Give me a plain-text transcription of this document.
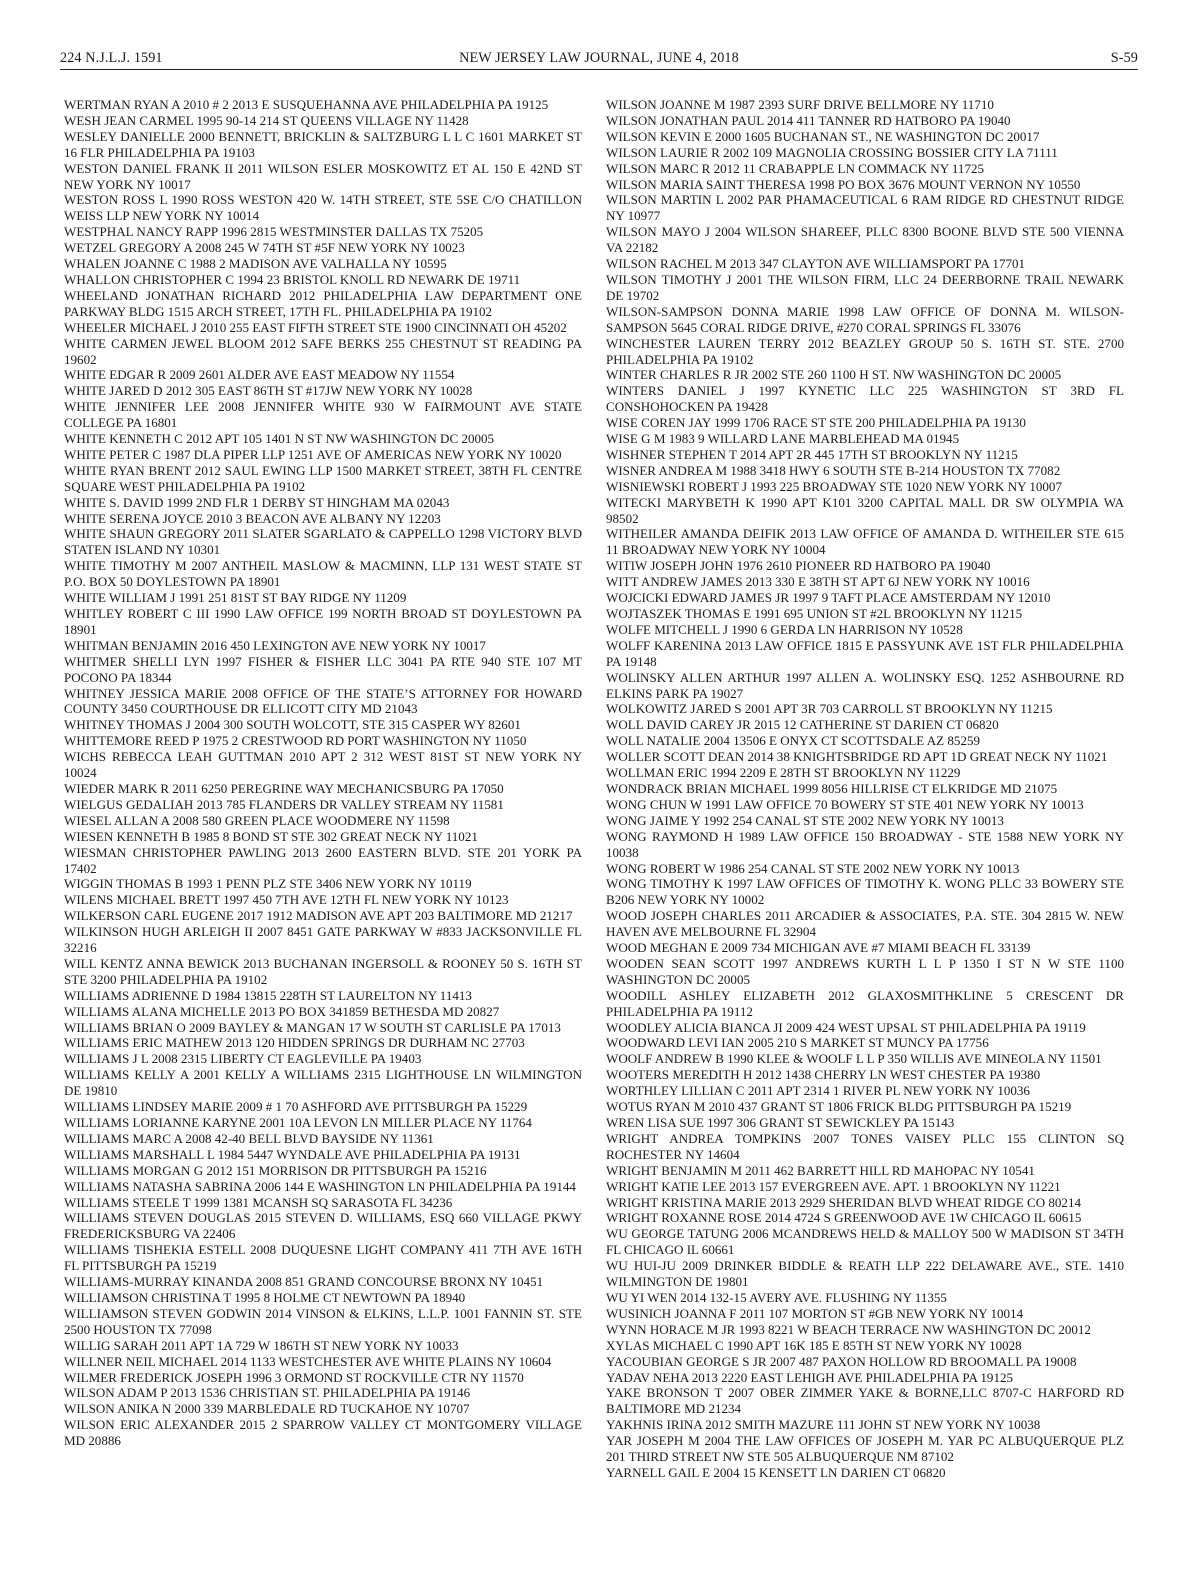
224 N.J.L.J. 1591	NEW JERSEY LAW JOURNAL, JUNE 4, 2018	S-59

WERTMAN RYAN A 2010 # 2 2013 E SUSQUEHANNA AVE PHILADELPHIA PA 19125

WESH JEAN CARMEL 1995 90-14 214 ST QUEENS VILLAGE NY 11428

WESLEY DANIELLE 2000 BENNETT, BRICKLIN & SALTZBURG L L C 1601 MARKET ST 16 FLR PHILADELPHIA PA 19103

WESTON DANIEL FRANK II 2011 WILSON ESLER MOSKOWITZ ET AL 150 E 42ND ST NEW YORK NY 10017

WESTON ROSS L 1990 ROSS WESTON 420 W. 14TH STREET, STE 5SE C/O CHATILLON WEISS LLP NEW YORK NY 10014

WESTPHAL NANCY RAPP 1996 2815 WESTMINSTER DALLAS TX 75205

WETZEL GREGORY A 2008 245 W 74TH ST #5F NEW YORK NY 10023

WHALEN JOANNE C 1988 2 MADISON AVE VALHALLA NY 10595

WHALLON CHRISTOPHER C 1994 23 BRISTOL KNOLL RD NEWARK DE 19711

WHEELAND JONATHAN RICHARD 2012 PHILADELPHIA LAW DEPARTMENT ONE PARKWAY BLDG 1515 ARCH STREET, 17TH FL. PHILADELPHIA PA 19102

WHEELER MICHAEL J 2010 255 EAST FIFTH STREET STE 1900 CINCINNATI OH 45202

WHITE CARMEN JEWEL BLOOM 2012 SAFE BERKS 255 CHESTNUT ST READING PA 19602

WHITE EDGAR R 2009 2601 ALDER AVE EAST MEADOW NY 11554

WHITE JARED D 2012 305 EAST 86TH ST #17JW NEW YORK NY 10028

WHITE JENNIFER LEE 2008 JENNIFER WHITE 930 W FAIRMOUNT AVE STATE COLLEGE PA 16801

WHITE KENNETH C 2012 APT 105 1401 N ST NW WASHINGTON DC 20005

WHITE PETER C 1987 DLA PIPER LLP 1251 AVE OF AMERICAS NEW YORK NY 10020

WHITE RYAN BRENT 2012 SAUL EWING LLP 1500 MARKET STREET, 38TH FL CENTRE SQUARE WEST PHILADELPHIA PA 19102

WHITE S. DAVID 1999 2ND FLR 1 DERBY ST HINGHAM MA 02043

WHITE SERENA JOYCE 2010 3 BEACON AVE ALBANY NY 12203

WHITE SHAUN GREGORY 2011 SLATER SGARLATO & CAPPELLO 1298 VICTORY BLVD STATEN ISLAND NY 10301

WHITE TIMOTHY M 2007 ANTHEIL MASLOW & MACMINN, LLP 131 WEST STATE ST P.O. BOX 50 DOYLESTOWN PA 18901

WHITE WILLIAM J 1991 251 81ST ST BAY RIDGE NY 11209

WHITLEY ROBERT C III 1990 LAW OFFICE 199 NORTH BROAD ST DOYLESTOWN PA 18901

WHITMAN BENJAMIN 2016 450 LEXINGTON AVE NEW YORK NY 10017

WHITMER SHELLI LYN 1997 FISHER & FISHER LLC 3041 PA RTE 940 STE 107 MT POCONO PA 18344

WHITNEY JESSICA MARIE 2008 OFFICE OF THE STATE’S ATTORNEY FOR HOWARD COUNTY 3450 COURTHOUSE DR ELLICOTT CITY MD 21043

WHITNEY THOMAS J 2004 300 SOUTH WOLCOTT, STE 315 CASPER WY 82601

WHITTEMORE REED P 1975 2 CRESTWOOD RD PORT WASHINGTON NY 11050

WICHS REBECCA LEAH GUTTMAN 2010 APT 2 312 WEST 81ST ST NEW YORK NY 10024

WIEDER MARK R 2011 6250 PEREGRINE WAY MECHANICSBURG PA 17050

WIELGUS GEDALIAH 2013 785 FLANDERS DR VALLEY STREAM NY 11581

WIESEL ALLAN A 2008 580 GREEN PLACE WOODMERE NY 11598

WIESEN KENNETH B 1985 8 BOND ST STE 302 GREAT NECK NY 11021

WIESMAN CHRISTOPHER PAWLING 2013 2600 EASTERN BLVD. STE 201 YORK PA 17402

WIGGIN THOMAS B 1993 1 PENN PLZ STE 3406 NEW YORK NY 10119

WILENS MICHAEL BRETT 1997 450 7TH AVE 12TH FL NEW YORK NY 10123

WILKERSON CARL EUGENE 2017 1912 MADISON AVE APT 203 BALTIMORE MD 21217

WILKINSON HUGH ARLEIGH II 2007 8451 GATE PARKWAY W #833 JACKSONVILLE FL 32216

WILL KENTZ ANNA BEWICK 2013 BUCHANAN INGERSOLL & ROONEY 50 S. 16TH ST STE 3200 PHILADELPHIA PA 19102

WILLIAMS ADRIENNE D 1984 13815 228TH ST LAURELTON NY 11413

WILLIAMS ALANA MICHELLE 2013 PO BOX 341859 BETHESDA MD 20827

WILLIAMS BRIAN O 2009 BAYLEY & MANGAN 17 W SOUTH ST CARLISLE PA 17013

WILLIAMS ERIC MATHEW 2013 120 HIDDEN SPRINGS DR DURHAM NC 27703

WILLIAMS J L 2008 2315 LIBERTY CT EAGLEVILLE PA 19403

WILLIAMS KELLY A 2001 KELLY A WILLIAMS 2315 LIGHTHOUSE LN WILMINGTON DE 19810

WILLIAMS LINDSEY MARIE 2009 # 1 70 ASHFORD AVE PITTSBURGH PA 15229

WILLIAMS LORIANNE KARYNE 2001 10A LEVON LN MILLER PLACE NY 11764

WILLIAMS MARC A 2008 42-40 BELL BLVD BAYSIDE NY 11361

WILLIAMS MARSHALL L 1984 5447 WYNDALE AVE PHILADELPHIA PA 19131

WILLIAMS MORGAN G 2012 151 MORRISON DR PITTSBURGH PA 15216

WILLIAMS NATASHA SABRINA 2006 144 E WASHINGTON LN PHILADELPHIA PA 19144

WILLIAMS STEELE T 1999 1381 MCANSH SQ SARASOTA FL 34236

WILLIAMS STEVEN DOUGLAS 2015 STEVEN D. WILLIAMS, ESQ 660 VILLAGE PKWY FREDERICKSBURG VA 22406

WILLIAMS TISHEKIA ESTELL 2008 DUQUESNE LIGHT COMPANY 411 7TH AVE 16TH FL PITTSBURGH PA 15219

WILLIAMS-MURRAY KINANDA 2008 851 GRAND CONCOURSE BRONX NY 10451

WILLIAMSON CHRISTINA T 1995 8 HOLME CT NEWTOWN PA 18940

WILLIAMSON STEVEN GODWIN 2014 VINSON & ELKINS, L.L.P. 1001 FANNIN ST. STE 2500 HOUSTON TX 77098

WILLIG SARAH 2011 APT 1A 729 W 186TH ST NEW YORK NY 10033

WILLNER NEIL MICHAEL 2014 1133 WESTCHESTER AVE WHITE PLAINS NY 10604

WILMER FREDERICK JOSEPH 1996 3 ORMOND ST ROCKVILLE CTR NY 11570

WILSON ADAM P 2013 1536 CHRISTIAN ST. PHILADELPHIA PA 19146

WILSON ANIKA N 2000 339 MARBLEDALE RD TUCKAHOE NY 10707

WILSON ERIC ALEXANDER 2015 2 SPARROW VALLEY CT MONTGOMERY VILLAGE MD 20886

WILSON JOANNE M 1987 2393 SURF DRIVE BELLMORE NY 11710

WILSON JONATHAN PAUL 2014 411 TANNER RD HATBORO PA 19040

WILSON KEVIN E 2000 1605 BUCHANAN ST., NE WASHINGTON DC 20017

WILSON LAURIE R 2002 109 MAGNOLIA CROSSING BOSSIER CITY LA 71111

WILSON MARC R 2012 11 CRABAPPLE LN COMMACK NY 11725

WILSON MARIA SAINT THERESA 1998 PO BOX 3676 MOUNT VERNON NY 10550

WILSON MARTIN L 2002 PAR PHAMACEUTICAL 6 RAM RIDGE RD CHESTNUT RIDGE NY 10977

WILSON MAYO J 2004 WILSON SHAREEF, PLLC 8300 BOONE BLVD STE 500 VIENNA VA 22182

WILSON RACHEL M 2013 347 CLAYTON AVE WILLIAMSPORT PA 17701

WILSON TIMOTHY J 2001 THE WILSON FIRM, LLC 24 DEERBORNE TRAIL NEWARK DE 19702

WILSON-SAMPSON DONNA MARIE 1998 LAW OFFICE OF DONNA M. WILSON-SAMPSON 5645 CORAL RIDGE DRIVE, #270 CORAL SPRINGS FL 33076

WINCHESTER LAUREN TERRY 2012 BEAZLEY GROUP 50 S. 16TH ST. STE. 2700 PHILADELPHIA PA 19102

WINTER CHARLES R JR 2002 STE 260 1100 H ST. NW WASHINGTON DC 20005

WINTERS DANIEL J 1997 KYNETIC LLC 225 WASHINGTON ST 3RD FL CONSHOHOCKEN PA 19428

WISE COREN JAY 1999 1706 RACE ST STE 200 PHILADELPHIA PA 19130

WISE G M 1983 9 WILLARD LANE MARBLEHEAD MA 01945

WISHNER STEPHEN T 2014 APT 2R 445 17TH ST BROOKLYN NY 11215

WISNER ANDREA M 1988 3418 HWY 6 SOUTH STE B-214 HOUSTON TX 77082

WISNIEWSKI ROBERT J 1993 225 BROADWAY STE 1020 NEW YORK NY 10007

WITECKI MARYBETH K 1990 APT K101 3200 CAPITAL MALL DR SW OLYMPIA WA 98502

WITHEILER AMANDA DEIFIK 2013 LAW OFFICE OF AMANDA D. WITHEILER STE 615 11 BROADWAY NEW YORK NY 10004

WITIW JOSEPH JOHN 1976 2610 PIONEER RD HATBORO PA 19040

WITT ANDREW JAMES 2013 330 E 38TH ST APT 6J NEW YORK NY 10016

WOJCICKI EDWARD JAMES JR 1997 9 TAFT PLACE AMSTERDAM NY 12010

WOJTASZEK THOMAS E 1991 695 UNION ST #2L BROOKLYN NY 11215

WOLFE MITCHELL J 1990 6 GERDA LN HARRISON NY 10528

WOLFF KARENINA 2013 LAW OFFICE 1815 E PASSYUNK AVE 1ST FLR PHILADELPHIA PA 19148

WOLINSKY ALLEN ARTHUR 1997 ALLEN A. WOLINSKY ESQ. 1252 ASHBOURNE RD ELKINS PARK PA 19027

WOLKOWITZ JARED S 2001 APT 3R 703 CARROLL ST BROOKLYN NY 11215

WOLL DAVID CAREY JR 2015 12 CATHERINE ST DARIEN CT 06820

WOLL NATALIE 2004 13506 E ONYX CT SCOTTSDALE AZ 85259

WOLLER SCOTT DEAN 2014 38 KNIGHTSBRIDGE RD APT 1D GREAT NECK NY 11021

WOLLMAN ERIC 1994 2209 E 28TH ST BROOKLYN NY 11229

WONDRACK BRIAN MICHAEL 1999 8056 HILLRISE CT ELKRIDGE MD 21075

WONG CHUN W 1991 LAW OFFICE 70 BOWERY ST STE 401 NEW YORK NY 10013

WONG JAIME Y 1992 254 CANAL ST STE 2002 NEW YORK NY 10013

WONG RAYMOND H 1989 LAW OFFICE 150 BROADWAY - STE 1588 NEW YORK NY 10038

WONG ROBERT W 1986 254 CANAL ST STE 2002 NEW YORK NY 10013

WONG TIMOTHY K 1997 LAW OFFICES OF TIMOTHY K. WONG PLLC 33 BOWERY STE B206 NEW YORK NY 10002

WOOD JOSEPH CHARLES 2011 ARCADIER & ASSOCIATES, P.A. STE. 304 2815 W. NEW HAVEN AVE MELBOURNE FL 32904

WOOD MEGHAN E 2009 734 MICHIGAN AVE #7 MIAMI BEACH FL 33139

WOODEN SEAN SCOTT 1997 ANDREWS KURTH L L P 1350 I ST N W STE 1100 WASHINGTON DC 20005

WOODILL ASHLEY ELIZABETH 2012 GLAXOSMITHKLINE 5 CRESCENT DR PHILADELPHIA PA 19112

WOODLEY ALICIA BIANCA JI 2009 424 WEST UPSAL ST PHILADELPHIA PA 19119

WOODWARD LEVI IAN 2005 210 S MARKET ST MUNCY PA 17756

WOOLF ANDREW B 1990 KLEE & WOOLF L L P 350 WILLIS AVE MINEOLA NY 11501

WOOTERS MEREDITH H 2012 1438 CHERRY LN WEST CHESTER PA 19380

WORTHLEY LILLIAN C 2011 APT 2314 1 RIVER PL NEW YORK NY 10036

WOTUS RYAN M 2010 437 GRANT ST 1806 FRICK BLDG PITTSBURGH PA 15219

WREN LISA SUE 1997 306 GRANT ST SEWICKLEY PA 15143

WRIGHT ANDREA TOMPKINS 2007 TONES VAISEY PLLC 155 CLINTON SQ ROCHESTER NY 14604

WRIGHT BENJAMIN M 2011 462 BARRETT HILL RD MAHOPAC NY 10541

WRIGHT KATIE LEE 2013 157 EVERGREEN AVE. APT. 1 BROOKLYN NY 11221

WRIGHT KRISTINA MARIE 2013 2929 SHERIDAN BLVD WHEAT RIDGE CO 80214

WRIGHT ROXANNE ROSE 2014 4724 S GREENWOOD AVE 1W CHICAGO IL 60615

WU GEORGE TATUNG 2006 MCANDREWS HELD & MALLOY 500 W MADISON ST 34TH FL CHICAGO IL 60661

WU HUI-JU 2009 DRINKER BIDDLE & REATH LLP 222 DELAWARE AVE., STE. 1410 WILMINGTON DE 19801

WU YI WEN 2014 132-15 AVERY AVE. FLUSHING NY 11355

WUSINICH JOANNA F 2011 107 MORTON ST #GB NEW YORK NY 10014

WYNN HORACE M JR 1993 8221 W BEACH TERRACE NW WASHINGTON DC 20012

XYLAS MICHAEL C 1990 APT 16K 185 E 85TH ST NEW YORK NY 10028

YACOUBIAN GEORGE S JR 2007 487 PAXON HOLLOW RD BROOMALL PA 19008

YADAV NEHA 2013 2220 EAST LEHIGH AVE PHILADELPHIA PA 19125

YAKE BRONSON T 2007 OBER ZIMMER YAKE & BORNE,LLC 8707-C HARFORD RD BALTIMORE MD 21234

YAKHNIS IRINA 2012 SMITH MAZURE 111 JOHN ST NEW YORK NY 10038

YAR JOSEPH M 2004 THE LAW OFFICES OF JOSEPH M. YAR PC ALBUQUERQUE PLZ 201 THIRD STREET NW STE 505 ALBUQUERQUE NM 87102

YARNELL GAIL E 2004 15 KENSETT LN DARIEN CT 06820
